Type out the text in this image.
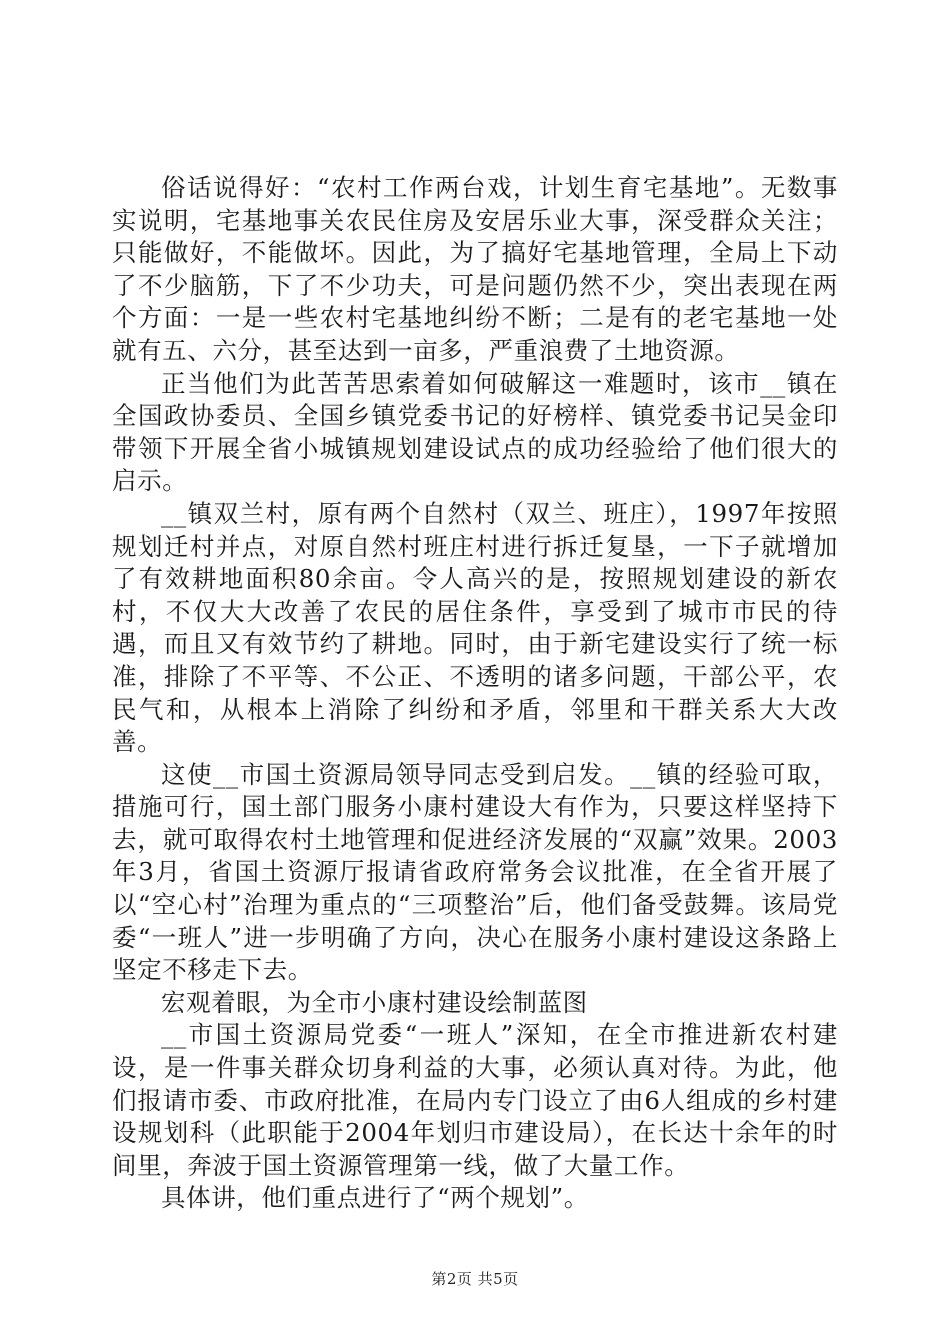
俗话说得好：“农村工作两台戏，计划生育宅基地”。无数事实说明，宅基地事关农民住房及安居乐业大事，深受群众关注；只能做好，不能做坏。因此，为了搞好宅基地管理，全局上下动了不少脑筋，下了不少功夫，可是问题仍然不少，突出表现在两个方面：一是一些农村宅基地纠纷不断；二是有的老宅基地一处就有五、六分，甚至达到一亩多，严重浪费了土地资源。

正当他们为此苦苦思索着如何破解这一难题时，该市__镇在全国政协委员、全国乡镇党委书记的好榜样、镇党委书记吴金印带领下开展全省小城镇规划建设试点的成功经验给了他们很大的启示。

__镇双兰村，原有两个自然村（双兰、班庄），1997年按照规划迁村并点，对原自然村班庄村进行拆迁复垦，一下子就增加了有效耕地面积80余亩。令人高兴的是，按照规划建设的新农村，不仅大大改善了农民的居住条件，享受到了城市市民的待遇，而且又有效节约了耕地。同时，由于新宅建设实行了统一标准，排除了不平等、不公正、不透明的诸多问题，干部公平，农民气和，从根本上消除了纠纷和矛盾，邻里和干群关系大大改善。

这使__市国土资源局领导同志受到启发。__镇的经验可取，措施可行，国土部门服务小康村建设大有作为，只要这样坚持下去，就可取得农村土地管理和促进经济发展的“双赢”效果。2003年3月，省国土资源厅报请省政府常务会议批准，在全省开展了以“空心村”治理为重点的“三项整治”后，他们备受鼓舞。该局党委“一班人”进一步明确了方向，决心在服务小康村建设这条路上坚定不移走下去。

宏观着眼，为全市小康村建设绘制蓝图

__市国土资源局党委“一班人”深知，在全市推进新农村建设，是一件事关群众切身利益的大事，必须认真对待。为此，他们报请市委、市政府批准，在局内专门设立了由6人组成的乡村建设规划科（此职能于2004年划归市建设局），在长达十余年的时间里，奔波于国土资源管理第一线，做了大量工作。

具体讲，他们重点进行了“两个规划”。

第2页 共5页
